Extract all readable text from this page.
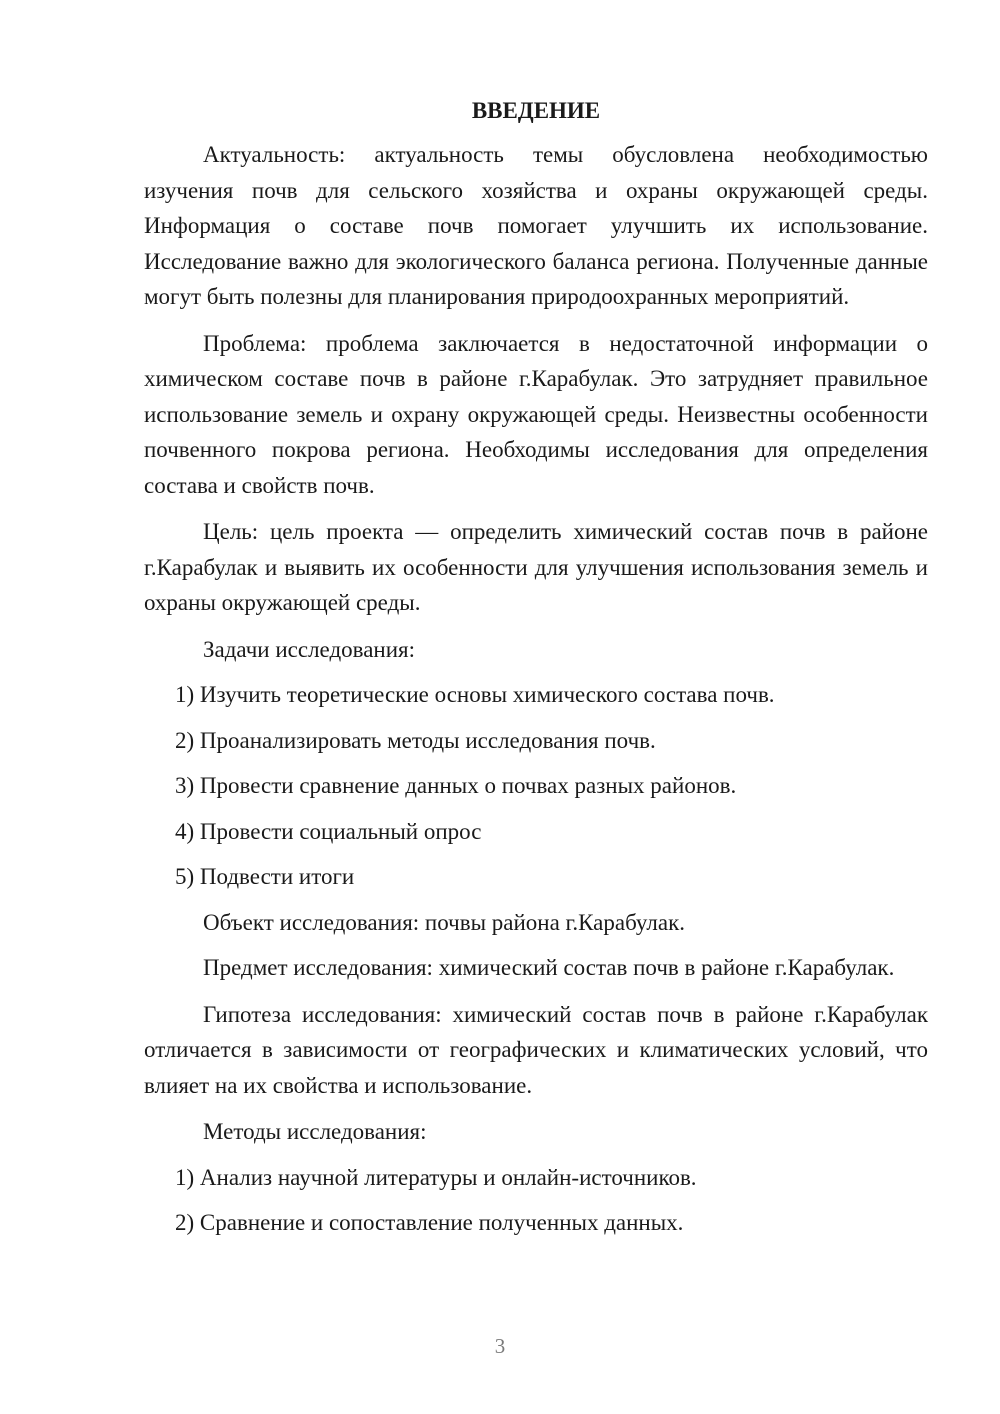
ВВЕДЕНИЕ

Актуальность: актуальность темы обусловлена необходимостью изучения почв для сельского хозяйства и охраны окружающей среды. Информация о составе почв помогает улучшить их использование. Исследование важно для экологического баланса региона. Полученные данные могут быть полезны для планирования природоохранных мероприятий.

Проблема: проблема заключается в недостаточной информации о химическом составе почв в районе г.Карабулак. Это затрудняет правильное использование земель и охрану окружающей среды. Неизвестны особенности почвенного покрова региона. Необходимы исследования для определения состава и свойств почв.

Цель: цель проекта — определить химический состав почв в районе г.Карабулак и выявить их особенности для улучшения использования земель и охраны окружающей среды.

Задачи исследования:

1) Изучить теоретические основы химического состава почв.
2) Проанализировать методы исследования почв.
3) Провести сравнение данных о почвах разных районов.
4) Провести социальный опрос
5) Подвести итоги

Объект исследования: почвы района г.Карабулак.

Предмет исследования: химический состав почв в районе г.Карабулак.

Гипотеза исследования: химический состав почв в районе г.Карабулак отличается в зависимости от географических и климатических условий, что влияет на их свойства и использование.

Методы исследования:

1) Анализ научной литературы и онлайн-источников.
2) Сравнение и сопоставление полученных данных.
3
